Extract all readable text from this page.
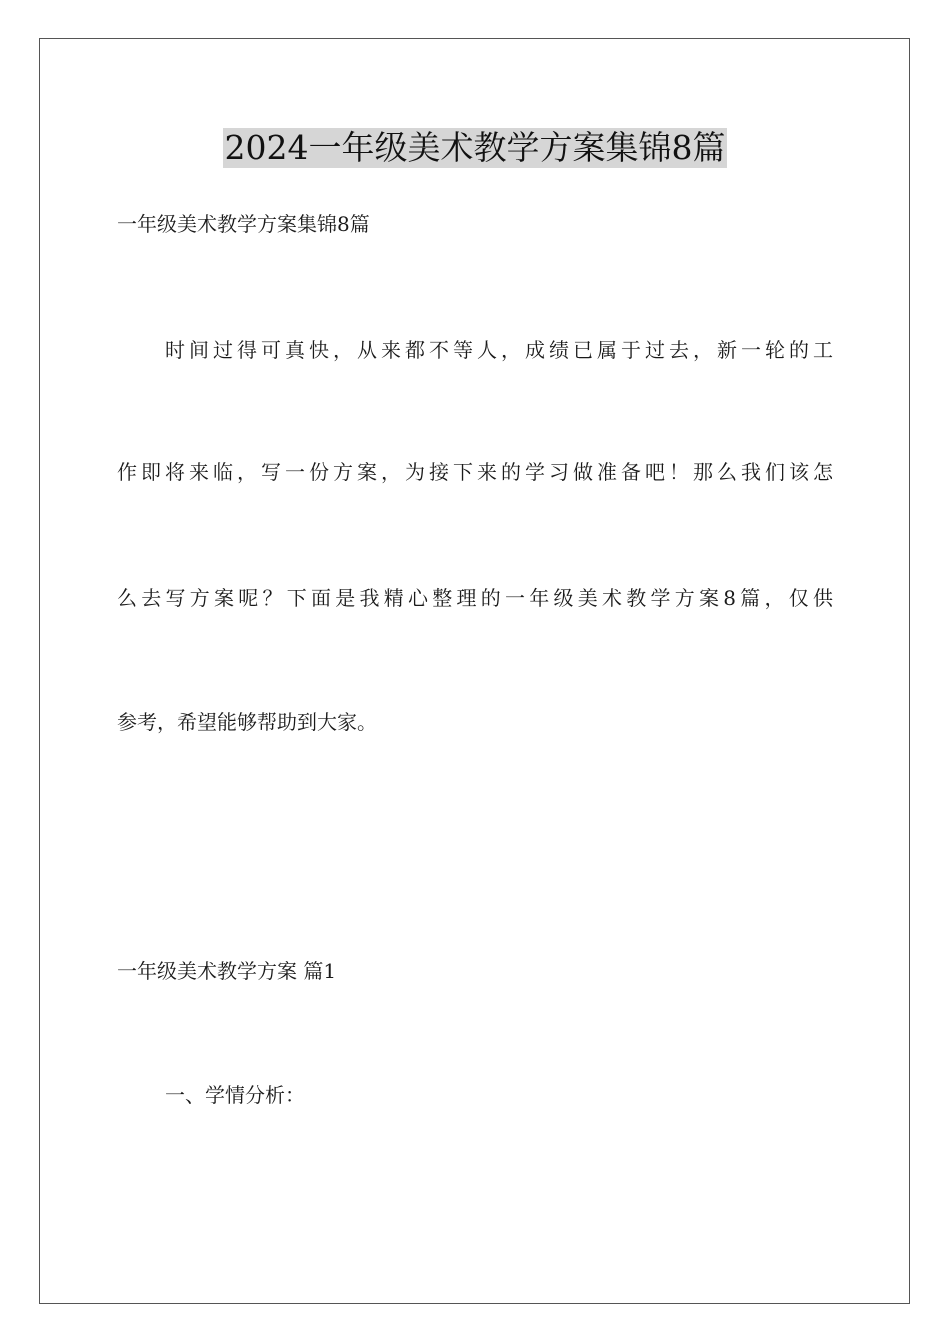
2024一年级美术教学方案集锦8篇
一年级美术教学方案集锦8篇
时间过得可真快，从来都不等人，成绩已属于过去，新一轮的工
作即将来临，写一份方案，为接下来的学习做准备吧！那么我们该怎
么去写方案呢？下面是我精心整理的一年级美术教学方案8篇，仅供
参考，希望能够帮助到大家。
一年级美术教学方案 篇1
一、学情分析：
